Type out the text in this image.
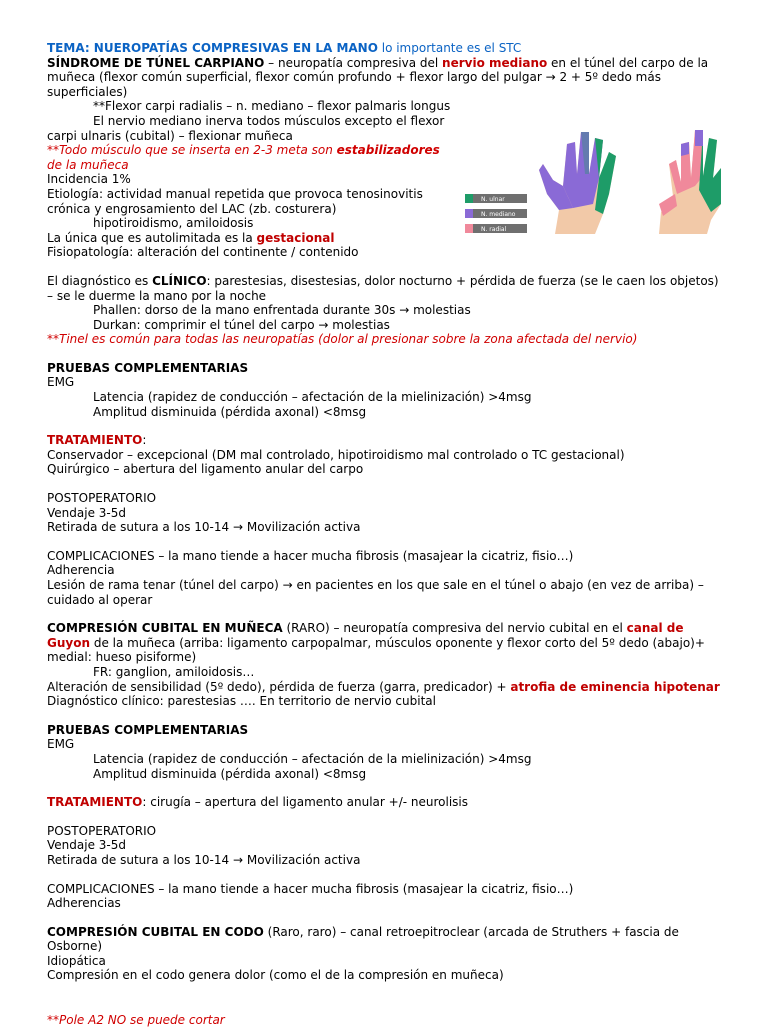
TEMA: NUEROPATÍAS COMPRESIVAS EN LA MANO lo importante es el STC
SÍNDROME DE TÚNEL CARPIANO – neuropatía compresiva del nervio mediano en el túnel del carpo de la muñeca (flexor común superficial, flexor común profundo + flexor largo del pulgar → 2 + 5º dedo más superficiales)
**Flexor carpi radialis – n. mediano – flexor palmaris longus
El nervio mediano inerva todos músculos excepto el flexor
carpi ulnaris (cubital) – flexionar muñeca
**Todo músculo que se inserta en 2-3 meta son estabilizadores de la muñeca
Incidencia 1%
Etiología: actividad manual repetida que provoca tenosinovitis
crónica y engrosamiento del LAC (zb. costurera)
hipotiroidismo, amiloidosis
La única que es autolimitada es la gestacional
Fisiopatología: alteración del continente / contenido
El diagnóstico es CLÍNICO: parestesias, disestesias, dolor nocturno + pérdida de fuerza (se le caen los objetos) – se le duerme la mano por la noche
Phallen: dorso de la mano enfrentada durante 30s → molestias
Durkan: comprimir el túnel del carpo → molestias
**Tinel es común para todas las neuropatías (dolor al presionar sobre la zona afectada del nervio)
PRUEBAS COMPLEMENTARIAS
EMG
Latencia (rapidez de conducción – afectación de la mielinización) >4msg
Amplitud disminuida (pérdida axonal) <8msg
TRATAMIENTO:
Conservador – excepcional (DM mal controlado, hipotiroidismo mal controlado o TC gestacional)
Quirúrgico – abertura del ligamento anular del carpo
POSTOPERATORIO
Vendaje 3-5d
Retirada de sutura a los 10-14 → Movilización activa
COMPLICACIONES – la mano tiende a hacer mucha fibrosis (masajear la cicatriz, fisio…)
Adherencia
Lesión de rama tenar (túnel del carpo) → en pacientes en los que sale en el túnel o abajo (en vez de arriba) – cuidado al operar
COMPRESIÓN CUBITAL EN MUÑECA (RARO) – neuropatía compresiva del nervio cubital en el canal de Guyon de la muñeca (arriba: ligamento carpopalmar, músculos oponente y flexor corto del 5º dedo (abajo)+ medial: hueso pisiforme)
FR: ganglion, amiloidosis…
Alteración de sensibilidad (5º dedo), pérdida de fuerza (garra, predicador) + atrofia de eminencia hipotenar
Diagnóstico clínico: parestesias …. En territorio de nervio cubital
PRUEBAS COMPLEMENTARIAS
EMG
Latencia (rapidez de conducción – afectación de la mielinización) >4msg
Amplitud disminuida (pérdida axonal) <8msg
TRATAMIENTO: cirugía – apertura del ligamento anular +/- neurolisis
POSTOPERATORIO
Vendaje 3-5d
Retirada de sutura a los 10-14 → Movilización activa
COMPLICACIONES – la mano tiende a hacer mucha fibrosis (masajear la cicatriz, fisio…)
Adherencias
COMPRESIÓN CUBITAL EN CODO (Raro, raro) – canal retroepitroclear (arcada de Struthers + fascia de Osborne)
Idiopática
Compresión en el codo genera dolor (como el de la compresión en muñeca)
**Pole A2 NO se puede cortar
N. ulnar
N. mediano
N. radial
